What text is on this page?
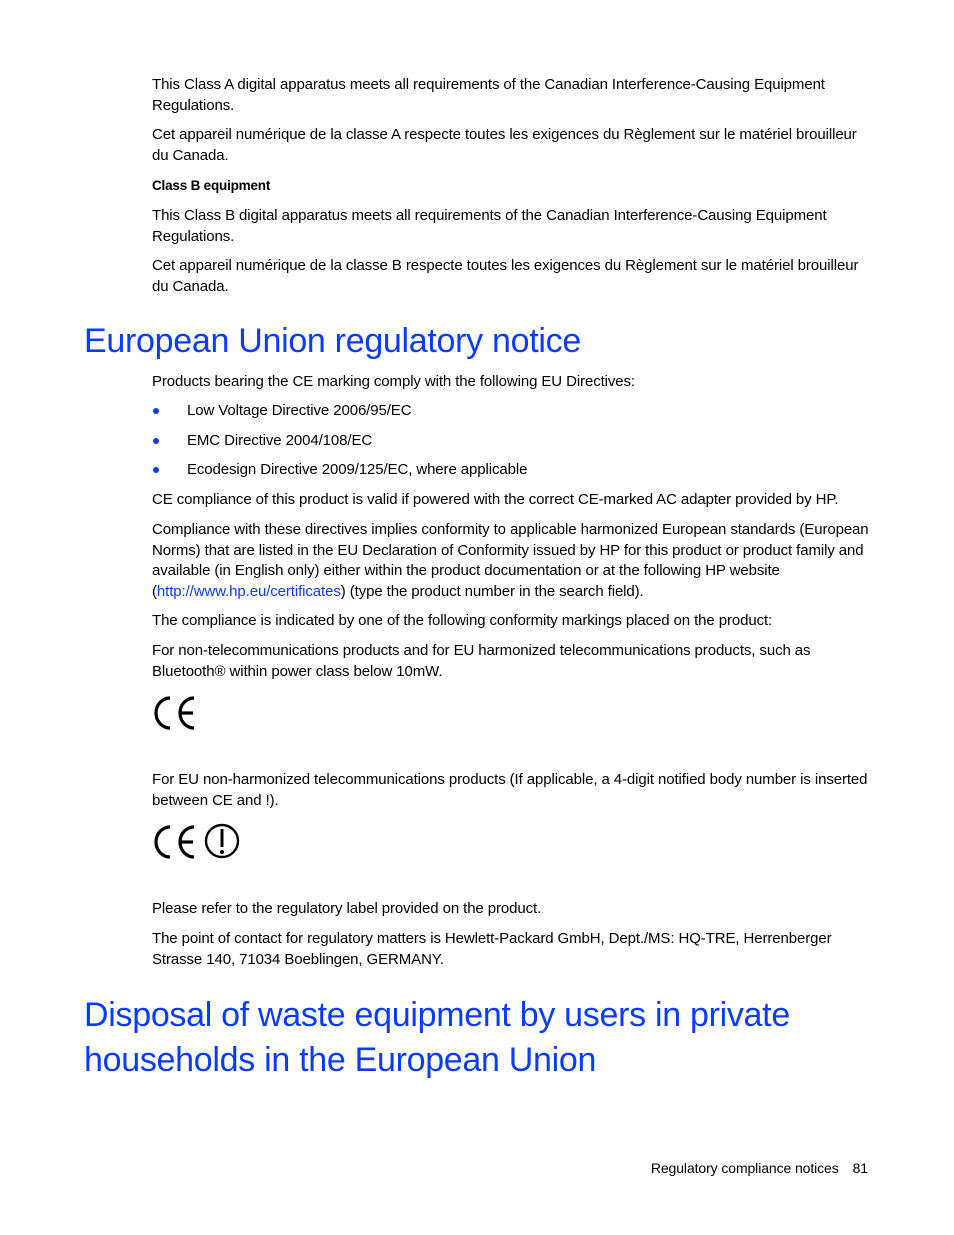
This Class A digital apparatus meets all requirements of the Canadian Interference-Causing Equipment Regulations.

Cet appareil numérique de la classe A respecte toutes les exigences du Règlement sur le matériel brouilleur du Canada.

Class B equipment

This Class B digital apparatus meets all requirements of the Canadian Interference-Causing Equipment Regulations.

Cet appareil numérique de la classe B respecte toutes les exigences du Règlement sur le matériel brouilleur du Canada.

European Union regulatory notice

Products bearing the CE marking comply with the following EU Directives:

Low Voltage Directive 2006/95/EC
EMC Directive 2004/108/EC
Ecodesign Directive 2009/125/EC, where applicable

CE compliance of this product is valid if powered with the correct CE-marked AC adapter provided by HP.

Compliance with these directives implies conformity to applicable harmonized European standards (European Norms) that are listed in the EU Declaration of Conformity issued by HP for this product or product family and available (in English only) either within the product documentation or at the following HP website (http://www.hp.eu/certificates) (type the product number in the search field).

The compliance is indicated by one of the following conformity markings placed on the product:

For non-telecommunications products and for EU harmonized telecommunications products, such as Bluetooth® within power class below 10mW.

For EU non-harmonized telecommunications products (If applicable, a 4-digit notified body number is inserted between CE and !).

Please refer to the regulatory label provided on the product.

The point of contact for regulatory matters is Hewlett-Packard GmbH, Dept./MS: HQ-TRE, Herrenberger Strasse 140, 71034 Boeblingen, GERMANY.

Disposal of waste equipment by users in private
households in the European Union
Regulatory compliance notices 81
